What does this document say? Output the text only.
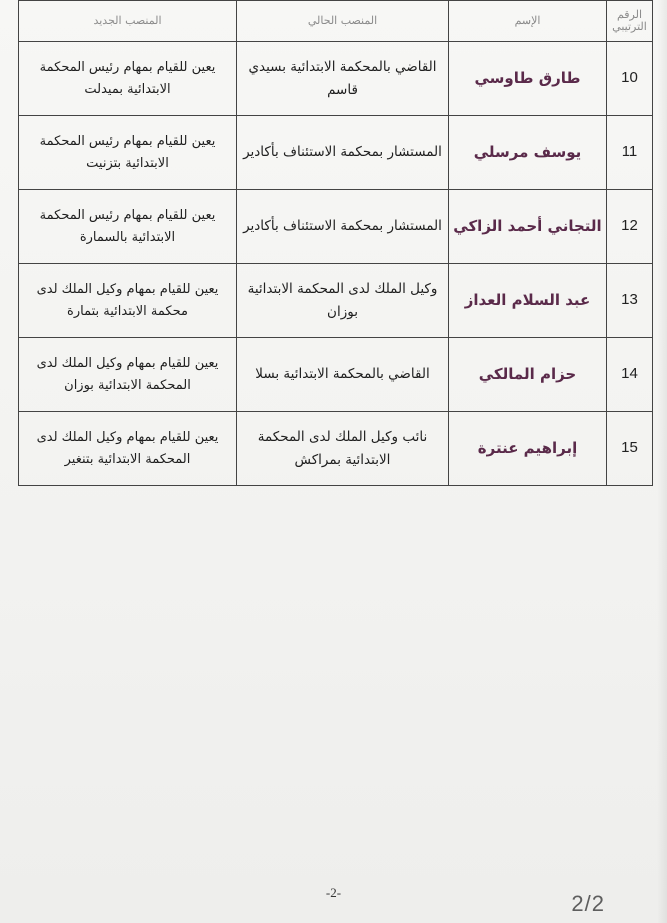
الرقم الترتيبي	الإسم	المنصب الحالي	المنصب الجديد
10	طارق طاوسي	القاضي بالمحكمة الابتدائية بسيدي قاسم	يعين للقيام بمهام رئيس المحكمة الابتدائية بميدلت
11	يوسف مرسلي	المستشار بمحكمة الاستئناف بأكادير	يعين للقيام بمهام رئيس المحكمة الابتدائية بتزنيت
12	التجاني أحمد الزاكي	المستشار بمحكمة الاستئناف بأكادير	يعين للقيام بمهام رئيس المحكمة الابتدائية بالسمارة
13	عبد السلام العداز	وكيل الملك لدى المحكمة الابتدائية بوزان	يعين للقيام بمهام وكيل الملك لدى محكمة الابتدائية بتمارة
14	حزام المالكي	القاضي بالمحكمة الابتدائية بسلا	يعين للقيام بمهام وكيل الملك لدى المحكمة الابتدائية بوزان
15	إبراهيم عنترة	نائب وكيل الملك لدى المحكمة الابتدائية بمراكش	يعين للقيام بمهام وكيل الملك لدى المحكمة الابتدائية بتنغير
-2-	2/2
